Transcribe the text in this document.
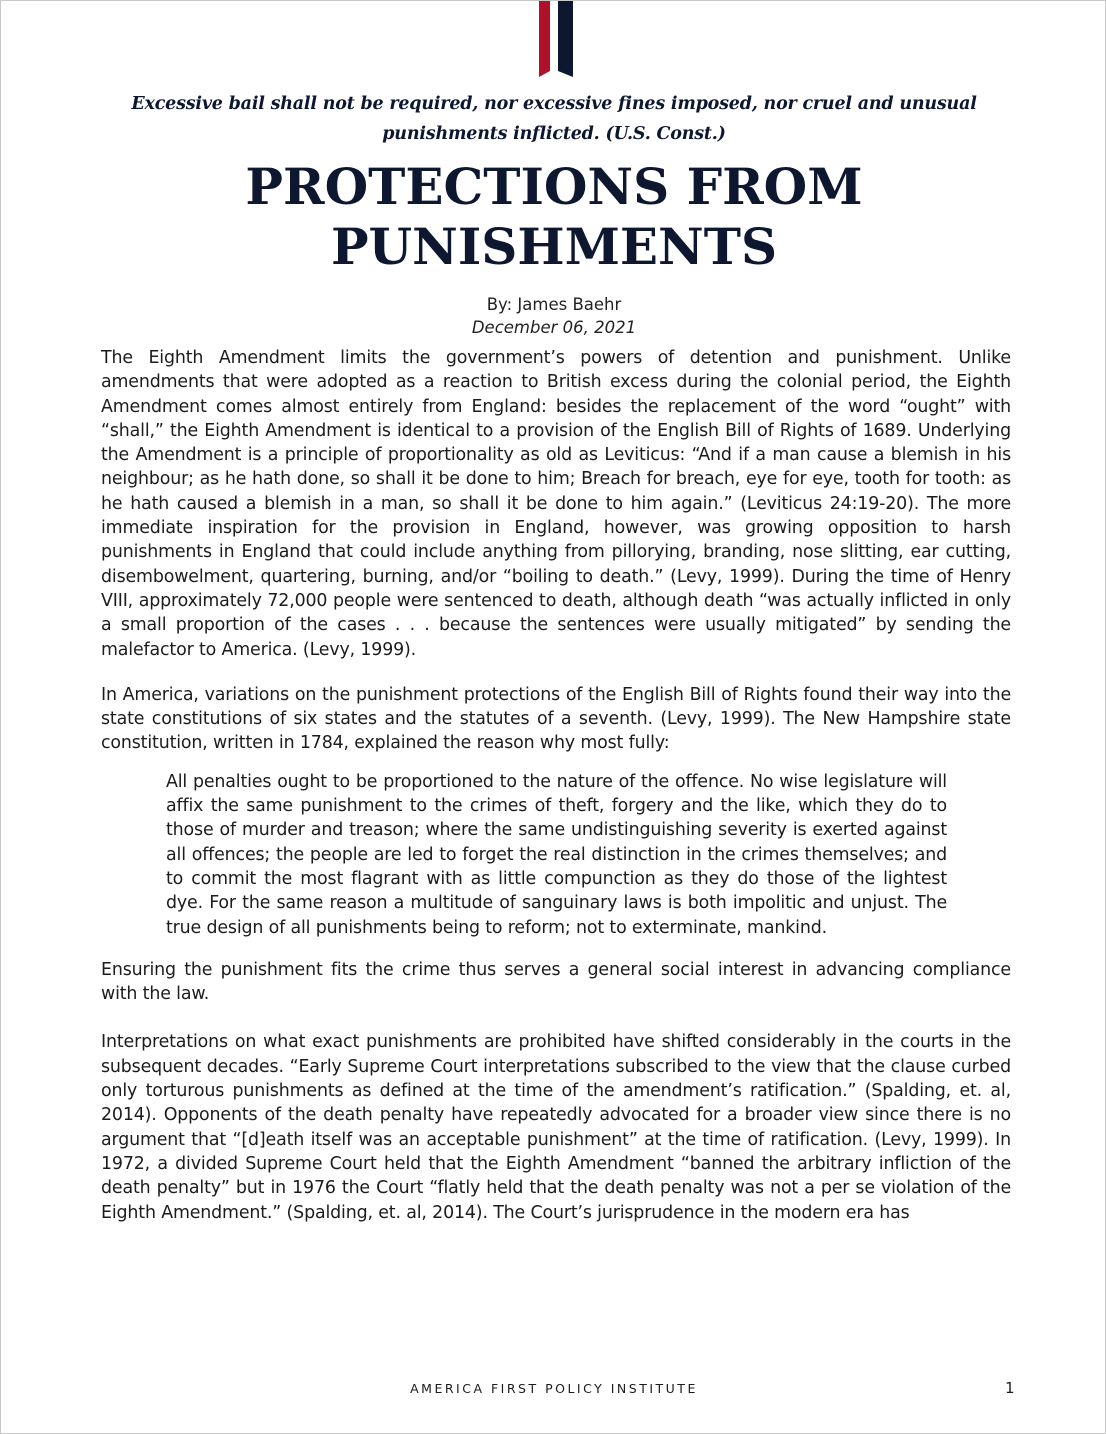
Excessive bail shall not be required, nor excessive fines imposed, nor cruel and unusual punishments inflicted. (U.S. Const.)
PROTECTIONS FROM
PUNISHMENTS
By: James Baehr
December 06, 2021

The Eighth Amendment limits the government’s powers of detention and punishment. Unlike amendments that were adopted as a reaction to British excess during the colonial period, the Eighth Amendment comes almost entirely from England: besides the replacement of the word “ought” with “shall,” the Eighth Amendment is identical to a provision of the English Bill of Rights of 1689. Underlying the Amendment is a principle of proportionality as old as Leviticus: “And if a man cause a blemish in his neighbour; as he hath done, so shall it be done to him; Breach for breach, eye for eye, tooth for tooth: as he hath caused a blemish in a man, so shall it be done to him again.” (Leviticus 24:19-20). The more immediate inspiration for the provision in England, however, was growing opposition to harsh punishments in England that could include anything from pillorying, branding, nose slitting, ear cutting, disembowelment, quartering, burning, and/or “boiling to death.” (Levy, 1999). During the time of Henry VIII, approximately 72,000 people were sentenced to death, although death “was actually inflicted in only a small proportion of the cases . . . because the sentences were usually mitigated” by sending the malefactor to America. (Levy, 1999).

In America, variations on the punishment protections of the English Bill of Rights found their way into the state constitutions of six states and the statutes of a seventh. (Levy, 1999). The New Hampshire state constitution, written in 1784, explained the reason why most fully:

All penalties ought to be proportioned to the nature of the offence. No wise legislature will affix the same punishment to the crimes of theft, forgery and the like, which they do to those of murder and treason; where the same undistinguishing severity is exerted against all offences; the people are led to forget the real distinction in the crimes themselves; and to commit the most flagrant with as little compunction as they do those of the lightest dye. For the same reason a multitude of sanguinary laws is both impolitic and unjust. The true design of all punishments being to reform; not to exterminate, mankind.

Ensuring the punishment fits the crime thus serves a general social interest in advancing compliance with the law.

Interpretations on what exact punishments are prohibited have shifted considerably in the courts in the subsequent decades. “Early Supreme Court interpretations subscribed to the view that the clause curbed only torturous punishments as defined at the time of the amendment’s ratification.” (Spalding, et. al, 2014). Opponents of the death penalty have repeatedly advocated for a broader view since there is no argument that “[d]eath itself was an acceptable punishment” at the time of ratification. (Levy, 1999). In 1972, a divided Supreme Court held that the Eighth Amendment “banned the arbitrary infliction of the death penalty” but in 1976 the Court “flatly held that the death penalty was not a per se violation of the Eighth Amendment.” (Spalding, et. al, 2014). The Court’s jurisprudence in the modern era has

AMERICA FIRST POLICY INSTITUTE	1
